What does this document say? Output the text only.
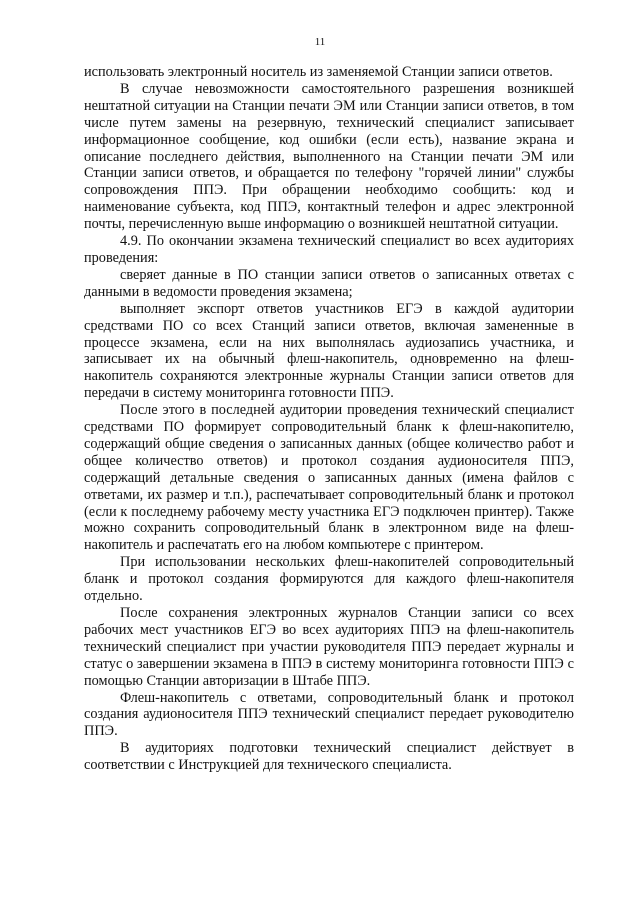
11

использовать электронный носитель из заменяемой Станции записи ответов.

В случае невозможности самостоятельного разрешения возникшей нештатной ситуации на Станции печати ЭМ или Станции записи ответов, в том числе путем замены на резервную, технический специалист записывает информационное сообщение, код ошибки (если есть), название экрана и описание последнего действия, выполненного на Станции печати ЭМ или Станции записи ответов, и обращается по телефону "горячей линии" службы сопровождения ППЭ. При обращении необходимо сообщить: код и наименование субъекта, код ППЭ, контактный телефон и адрес электронной почты, перечисленную выше информацию о возникшей нештатной ситуации.

4.9. По окончании экзамена технический специалист во всех аудиториях проведения:

сверяет данные в ПО станции записи ответов о записанных ответах с данными в ведомости проведения экзамена;

выполняет экспорт ответов участников ЕГЭ в каждой аудитории средствами ПО со всех Станций записи ответов, включая замененные в процессе экзамена, если на них выполнялась аудиозапись участника, и записывает их на обычный флеш-накопитель, одновременно на флеш-накопитель сохраняются электронные журналы Станции записи ответов для передачи в систему мониторинга готовности ППЭ.

После этого в последней аудитории проведения технический специалист средствами ПО формирует сопроводительный бланк к флеш-накопителю, содержащий общие сведения о записанных данных (общее количество работ и общее количество ответов) и протокол создания аудионосителя ППЭ, содержащий детальные сведения о записанных данных (имена файлов с ответами, их размер и т.п.), распечатывает сопроводительный бланк и протокол (если к последнему рабочему месту участника ЕГЭ подключен принтер). Также можно сохранить сопроводительный бланк в электронном виде на флеш-накопитель и распечатать его на любом компьютере с принтером.

При использовании нескольких флеш-накопителей сопроводительный бланк и протокол создания формируются для каждого флеш-накопителя отдельно.

После сохранения электронных журналов Станции записи со всех рабочих мест участников ЕГЭ во всех аудиториях ППЭ на флеш-накопитель технический специалист при участии руководителя ППЭ передает журналы и статус о завершении экзамена в ППЭ в систему мониторинга готовности ППЭ с помощью Станции авторизации в Штабе ППЭ.

Флеш-накопитель с ответами, сопроводительный бланк и протокол создания аудионосителя ППЭ технический специалист передает руководителю ППЭ.

В аудиториях подготовки технический специалист действует в соответствии с Инструкцией для технического специалиста.
